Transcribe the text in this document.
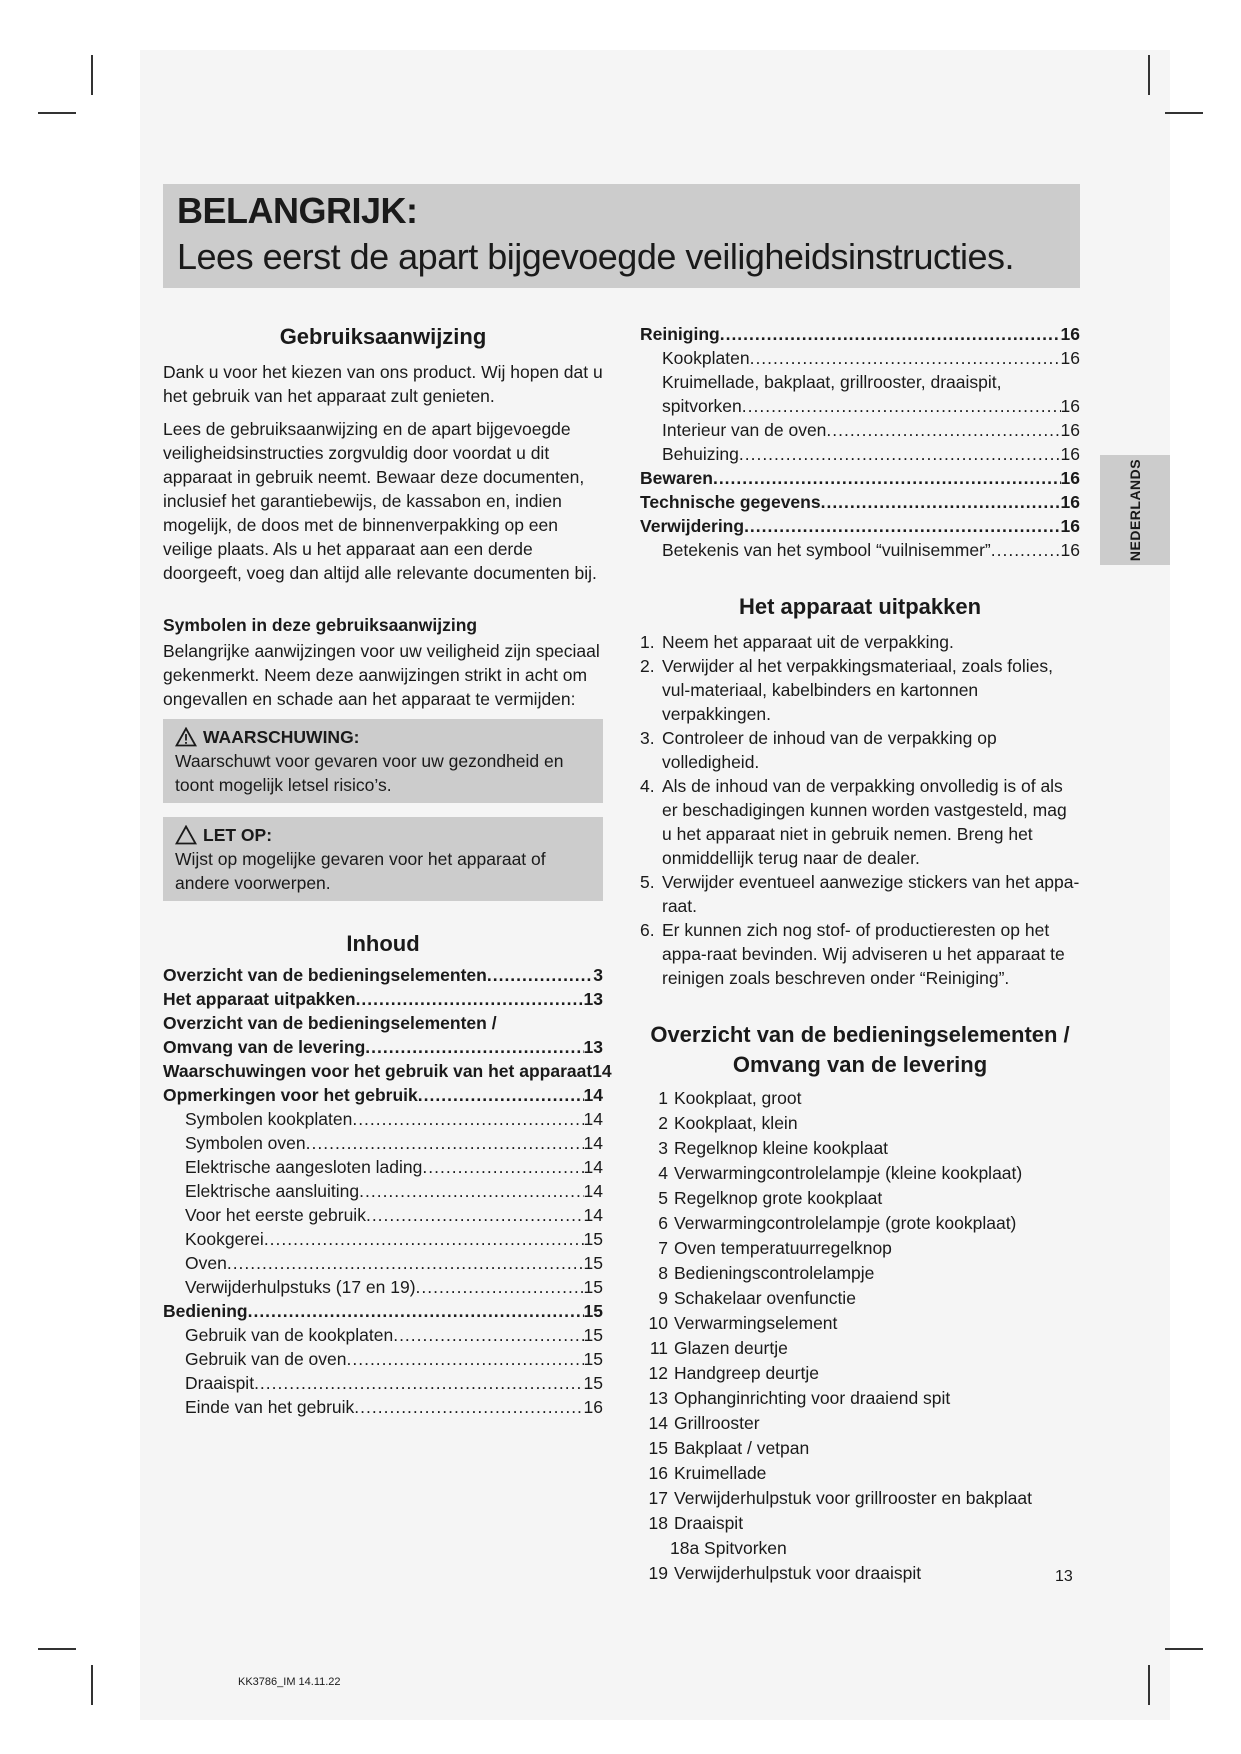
BELANGRIJK:
Lees eerst de apart bijgevoegde veiligheidsinstructies.
Gebruiksaanwijzing

Dank u voor het kiezen van ons product. Wij hopen dat u het gebruik van het apparaat zult genieten.

Lees de gebruiksaanwijzing en de apart bijgevoegde veiligheidsinstructies zorgvuldig door voordat u dit apparaat in gebruik neemt. Bewaar deze documenten, inclusief het garantiebewijs, de kassabon en, indien mogelijk, de doos met de binnenverpakking op een veilige plaats. Als u het apparaat aan een derde doorgeeft, voeg dan altijd alle relevante documenten bij.

Symbolen in deze gebruiksaanwijzing

Belangrijke aanwijzingen voor uw veiligheid zijn speciaal gekenmerkt. Neem deze aanwijzingen strikt in acht om ongevallen en schade aan het apparaat te vermijden:

WAARSCHUWING:
Waarschuwt voor gevaren voor uw gezondheid en toont mogelijk letsel risico’s.
LET OP:
Wijst op mogelijke gevaren voor het apparaat of andere voorwerpen.
Inhoud
Overzicht van de bedieningselementen .....	3
Het apparaat uitpakken .....	13
Overzicht van de bedieningselementen /
Omvang van de levering .....	13
Waarschuwingen voor het gebruik van het apparaat 14
Opmerkingen voor het gebruik .....	14
Symbolen kookplaten .....	14
Symbolen oven .....	14
Elektrische aangesloten lading .....	14
Elektrische aansluiting .....	14
Voor het eerste gebruik .....	14
Kookgerei .....	15
Oven .....	15
Verwijderhulpstuks (17 en 19) .....	15
Bediening .....	15
Gebruik van de kookplaten .....	15
Gebruik van de oven .....	15
Draaispit .....	15
Einde van het gebruik .....	16
Reiniging .....	16
Kookplaten .....	16
Kruimellade, bakplaat, grillrooster, draaispit,
spitvorken .....	16
Interieur van de oven .....	16
Behuizing .....	16
Bewaren .....	16
Technische gegevens .....	16
Verwijdering .....	16
Betekenis van het symbool “vuilnisemmer” .....	16
Het apparaat uitpakken
1. Neem het apparaat uit de verpakking.
2. Verwijder al het verpakkingsmateriaal, zoals folies, vul-materiaal, kabelbinders en kartonnen verpakkingen.
3. Controleer de inhoud van de verpakking op volledigheid.
4. Als de inhoud van de verpakking onvolledig is of als er beschadigingen kunnen worden vastgesteld, mag u het apparaat niet in gebruik nemen. Breng het onmiddellijk terug naar de dealer.
5. Verwijder eventueel aanwezige stickers van het appa-raat.
6. Er kunnen zich nog stof- of productieresten op het appa-raat bevinden. Wij adviseren u het apparaat te reinigen zoals beschreven onder “Reiniging”.
Overzicht van de bedieningselementen /
Omvang van de levering
1 Kookplaat, groot
2 Kookplaat, klein
3 Regelknop kleine kookplaat
4 Verwarmingcontrolelampje (kleine kookplaat)
5 Regelknop grote kookplaat
6 Verwarmingcontrolelampje (grote kookplaat)
7 Oven temperatuurregelknop
8 Bedieningscontrolelampje
9 Schakelaar ovenfunctie
10 Verwarmingselement
11 Glazen deurtje
12 Handgreep deurtje
13 Ophanginrichting voor draaiend spit
14 Grillrooster
15 Bakplaat / vetpan
16 Kruimellade
17 Verwijderhulpstuk voor grillrooster en bakplaat
18 Draaispit
18a Spitvorken
19 Verwijderhulpstuk voor draaispit
NEDERLANDS
13
KK3786_IM 14.11.22
